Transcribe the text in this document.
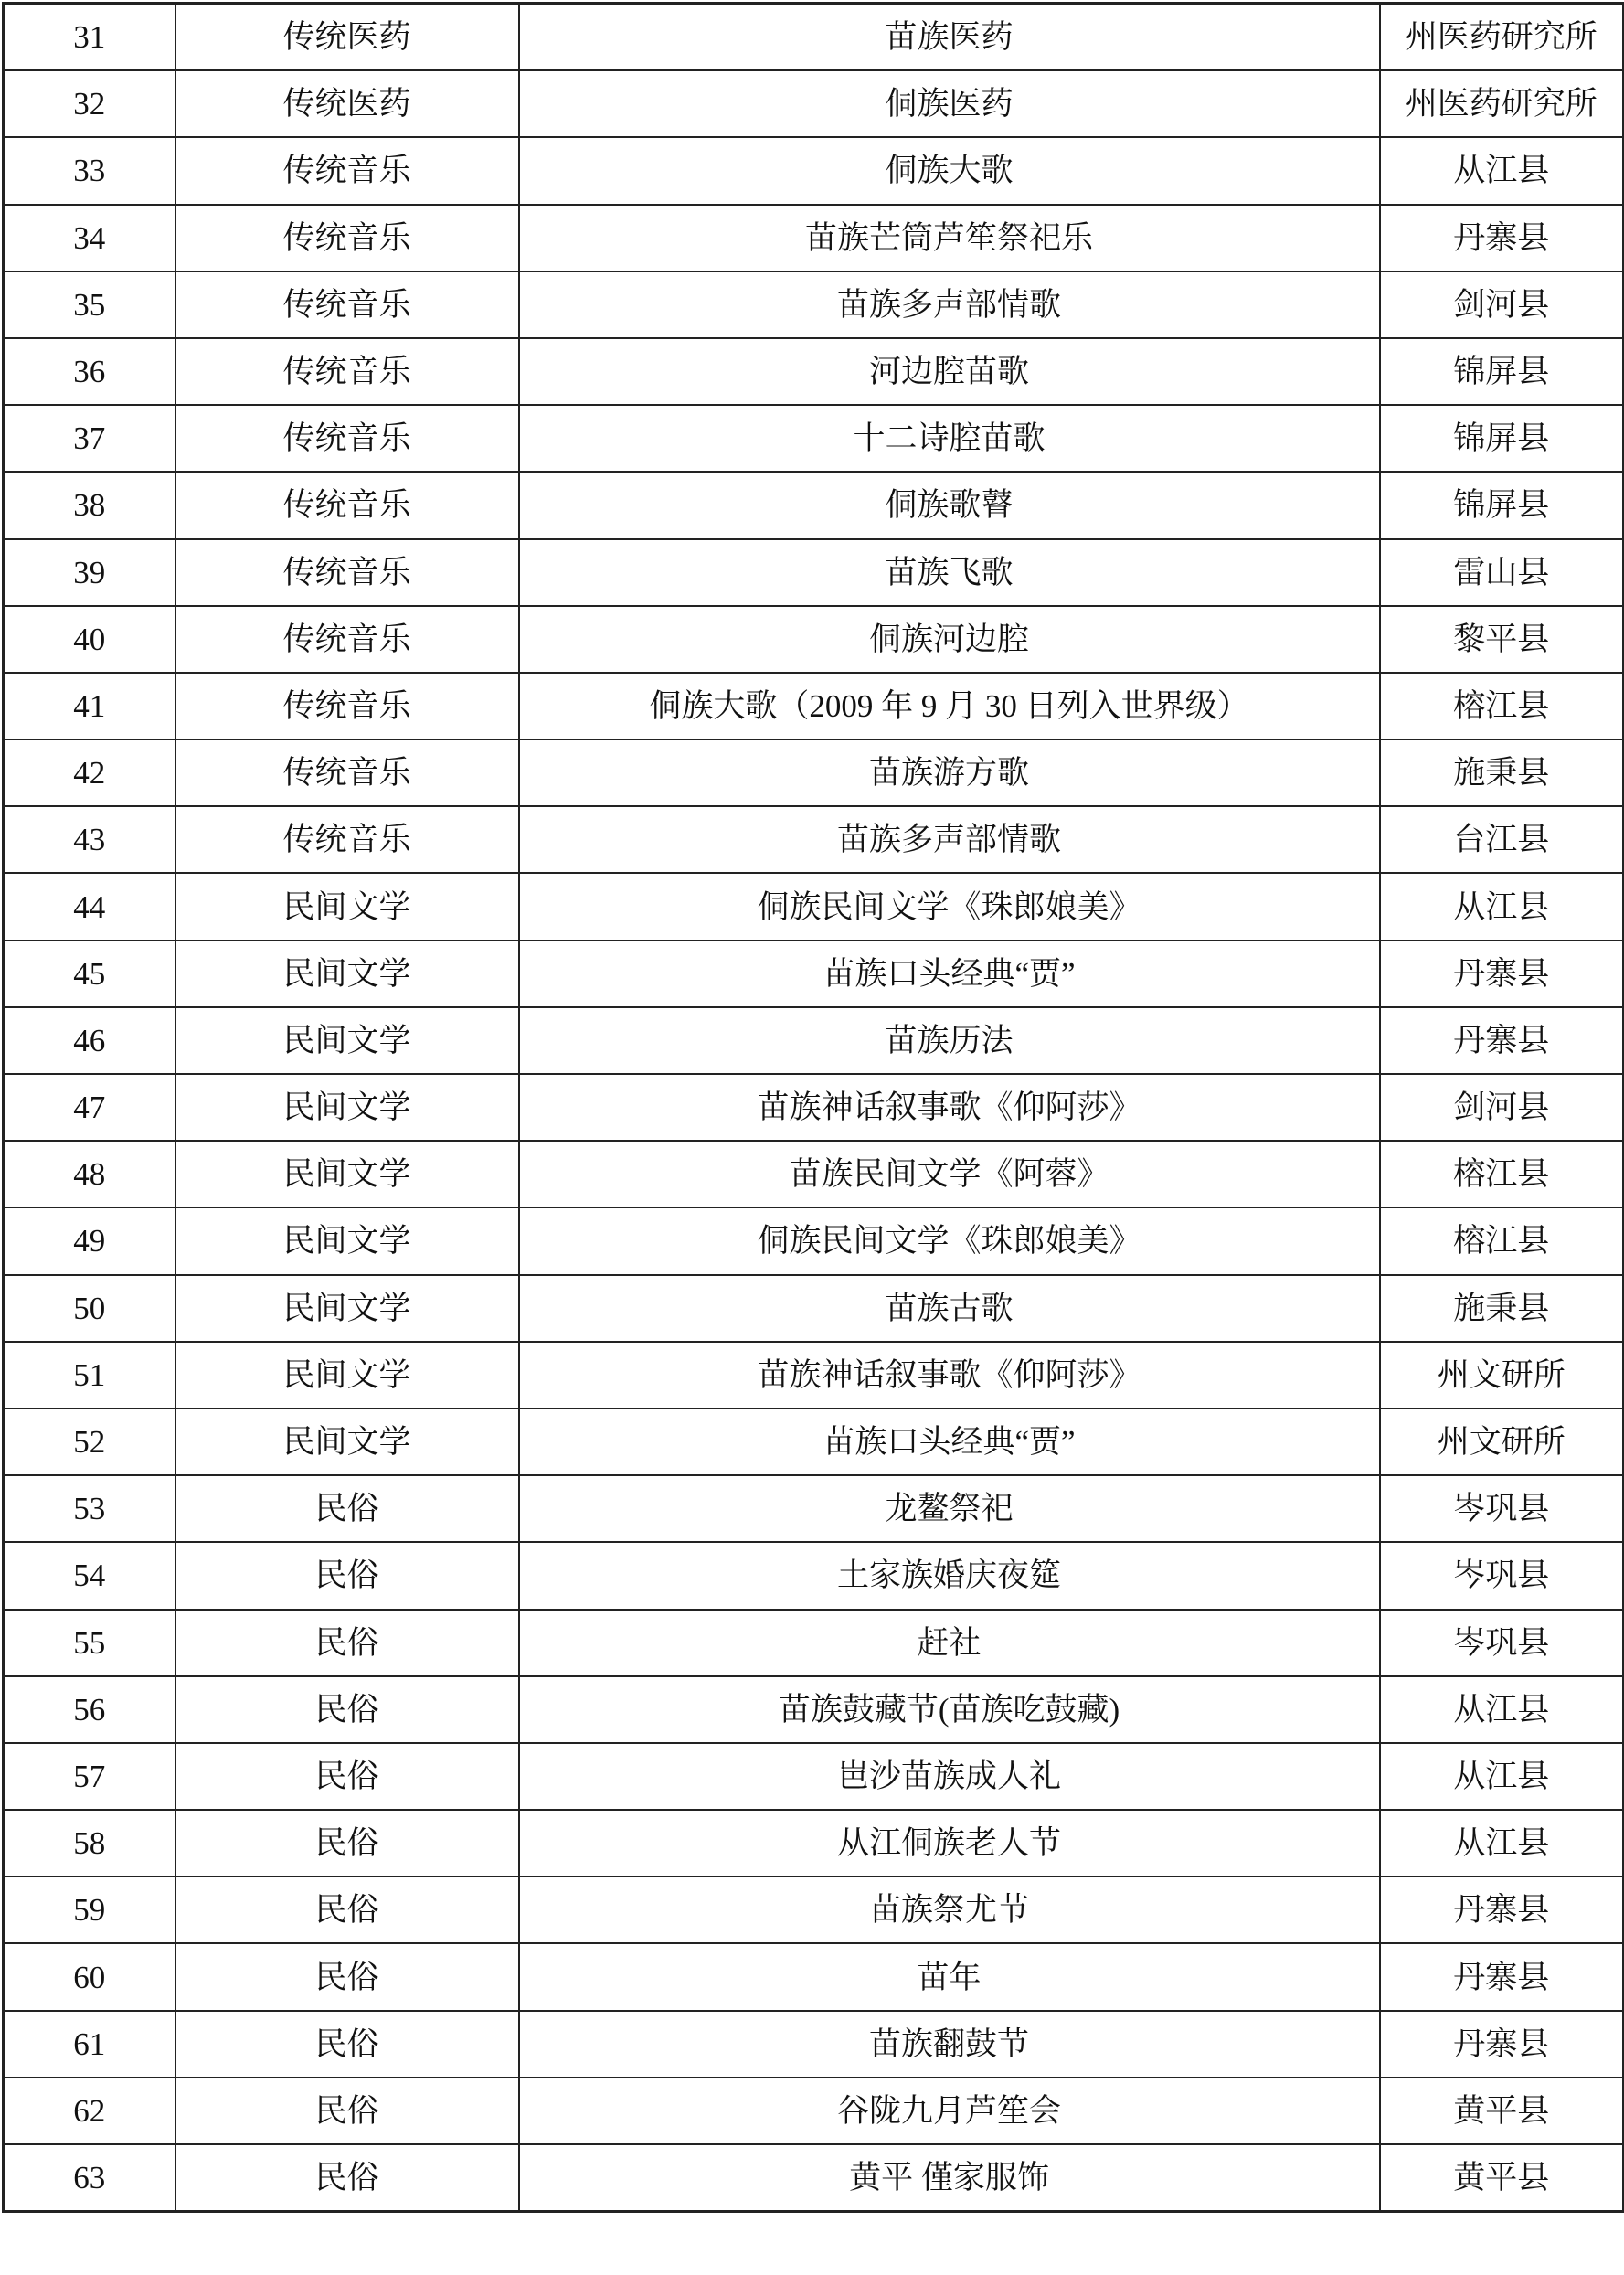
31	传统医药	苗族医药	州医药研究所
32	传统医药	侗族医药	州医药研究所
33	传统音乐	侗族大歌	从江县
34	传统音乐	苗族芒筒芦笙祭祀乐	丹寨县
35	传统音乐	苗族多声部情歌	剑河县
36	传统音乐	河边腔苗歌	锦屏县
37	传统音乐	十二诗腔苗歌	锦屏县
38	传统音乐	侗族歌瞽	锦屏县
39	传统音乐	苗族飞歌	雷山县
40	传统音乐	侗族河边腔	黎平县
41	传统音乐	侗族大歌（2009 年 9 月 30 日列入世界级）	榕江县
42	传统音乐	苗族游方歌	施秉县
43	传统音乐	苗族多声部情歌	台江县
44	民间文学	侗族民间文学《珠郎娘美》	从江县
45	民间文学	苗族口头经典“贾”	丹寨县
46	民间文学	苗族历法	丹寨县
47	民间文学	苗族神话叙事歌《仰阿莎》	剑河县
48	民间文学	苗族民间文学《阿蓉》	榕江县
49	民间文学	侗族民间文学《珠郎娘美》	榕江县
50	民间文学	苗族古歌	施秉县
51	民间文学	苗族神话叙事歌《仰阿莎》	州文研所
52	民间文学	苗族口头经典“贾”	州文研所
53	民俗	龙鳌祭祀	岑巩县
54	民俗	土家族婚庆夜筵	岑巩县
55	民俗	赶社	岑巩县
56	民俗	苗族鼓藏节(苗族吃鼓藏)	从江县
57	民俗	岜沙苗族成人礼	从江县
58	民俗	从江侗族老人节	从江县
59	民俗	苗族祭尤节	丹寨县
60	民俗	苗年	丹寨县
61	民俗	苗族翻鼓节	丹寨县
62	民俗	谷陇九月芦笙会	黄平县
63	民俗	黄平 僅家服饰	黄平县
